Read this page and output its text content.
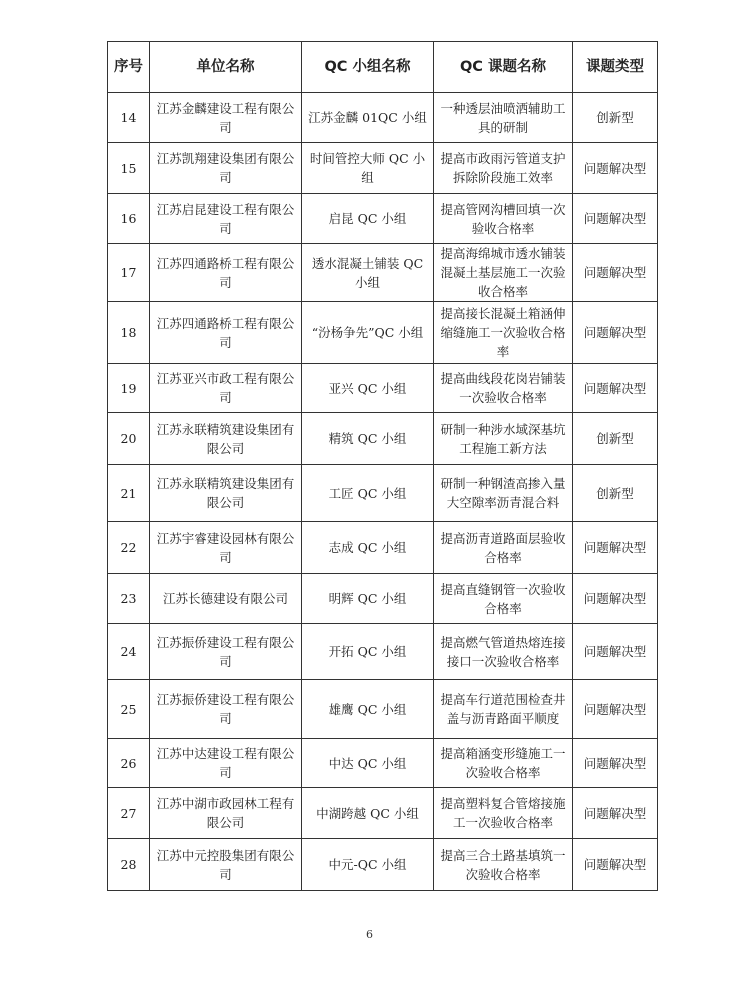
序号	单位名称	QC 小组名称	QC 课题名称	课题类型
14	江苏金麟建设工程有限公司	江苏金麟 01QC 小组	一种透层油喷洒辅助工具的研制	创新型
15	江苏凯翔建设集团有限公司	时间管控大师 QC 小组	提高市政雨污管道支护拆除阶段施工效率	问题解决型
16	江苏启昆建设工程有限公司	启昆 QC 小组	提高管网沟槽回填一次验收合格率	问题解决型
17	江苏四通路桥工程有限公司	透水混凝土铺装 QC 小组	提高海绵城市透水铺装混凝土基层施工一次验收合格率	问题解决型
18	江苏四通路桥工程有限公司	“汾杨争先”QC 小组	提高接长混凝土箱涵伸缩缝施工一次验收合格率	问题解决型
19	江苏亚兴市政工程有限公司	亚兴 QC 小组	提高曲线段花岗岩铺装一次验收合格率	问题解决型
20	江苏永联精筑建设集团有限公司	精筑 QC 小组	研制一种涉水域深基坑工程施工新方法	创新型
21	江苏永联精筑建设集团有限公司	工匠 QC 小组	研制一种钢渣高掺入量大空隙率沥青混合料	创新型
22	江苏宇睿建设园林有限公司	志成 QC 小组	提高沥青道路面层验收合格率	问题解决型
23	江苏长德建设有限公司	明辉 QC 小组	提高直缝钢管一次验收合格率	问题解决型
24	江苏振侨建设工程有限公司	开拓 QC 小组	提高燃气管道热熔连接接口一次验收合格率	问题解决型
25	江苏振侨建设工程有限公司	雄鹰 QC 小组	提高车行道范围检查井盖与沥青路面平顺度	问题解决型
26	江苏中达建设工程有限公司	中达 QC 小组	提高箱涵变形缝施工一次验收合格率	问题解决型
27	江苏中湖市政园林工程有限公司	中湖跨越 QC 小组	提高塑料复合管熔接施工一次验收合格率	问题解决型
28	江苏中元控股集团有限公司	中元-QC 小组	提高三合土路基填筑一次验收合格率	问题解决型
6
